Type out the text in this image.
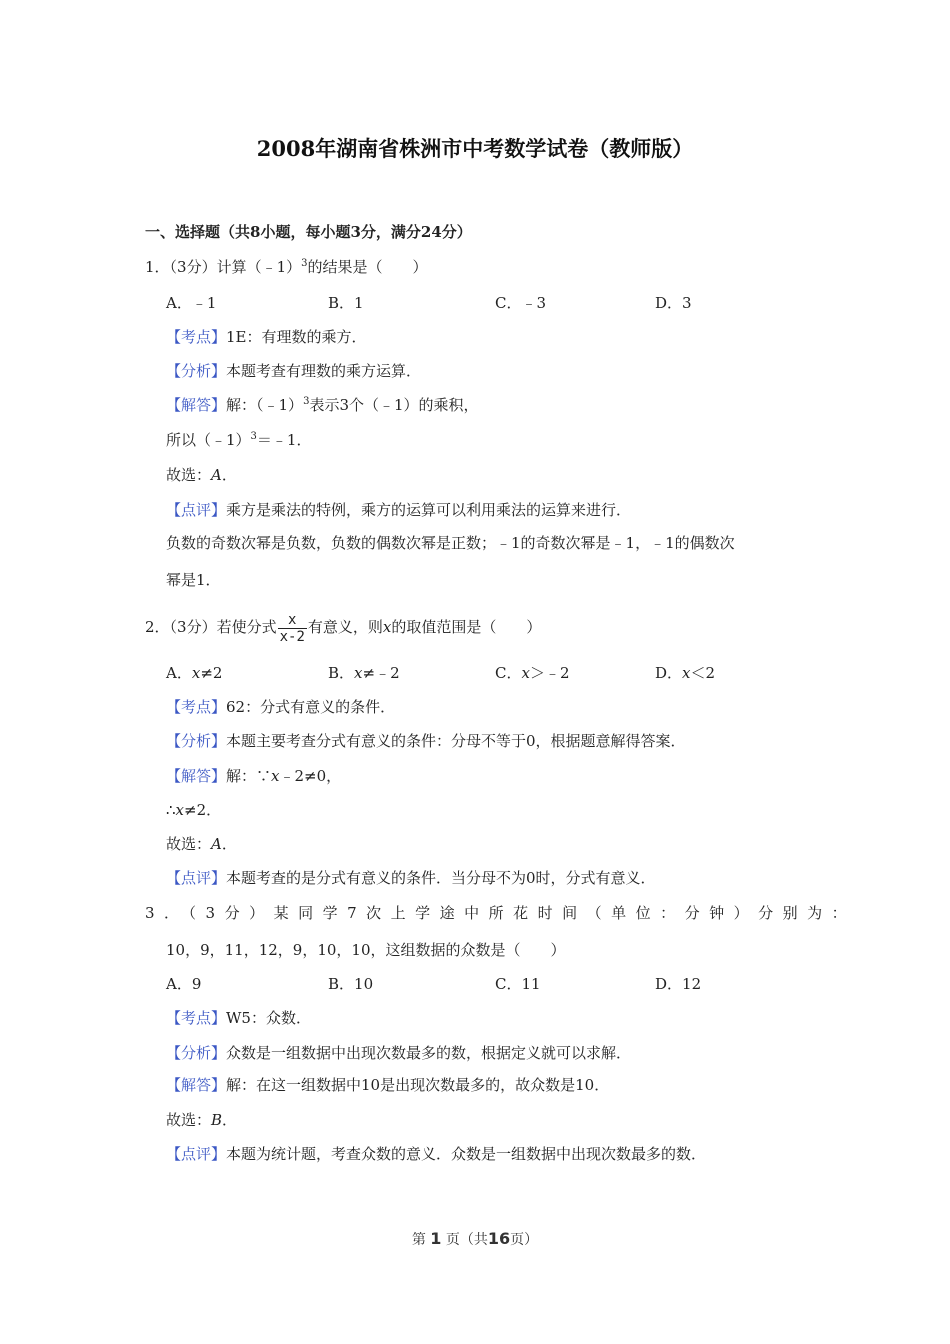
2008年湖南省株洲市中考数学试卷（教师版）
一、选择题（共8小题，每小题3分，满分24分）
1．（3分）计算（﹣1）$^3$的结果是（　　）
A．﹣1	B．1	C．﹣3	D．3
【考点】1E：有理数的乘方．
【分析】本题考查有理数的乘方运算．
【解答】解：（﹣1）$^3$表示3个（﹣1）的乘积，
所以（﹣1）$^3$＝﹣1．
故选：A．
【点评】乘方是乘法的特例，乘方的运算可以利用乘法的运算来进行．
负数的奇数次幂是负数，负数的偶数次幂是正数；﹣1的奇数次幂是﹣1，﹣1的偶数次
幂是1．
2．（3分）若使分式 $\frac{x}{x-2}$ 有意义，则x的取值范围是（　　）
A．x≠2	B．x≠﹣2	C．x＞﹣2	D．x＜2
【考点】62：分式有意义的条件．
【分析】本题主要考查分式有意义的条件：分母不等于0，根据题意解得答案．
【解答】解：∵x﹣2≠0，
∴x≠2．
故选：A．
【点评】本题考查的是分式有意义的条件．当分母不为0时，分式有意义．
3．（3分）某同学7次上学途中所花时间（单位：分钟）分别为：
10，9，11，12，9，10，10，这组数据的众数是（　　）
A．9	B．10	C．11	D．12
【考点】W5：众数．
【分析】众数是一组数据中出现次数最多的数，根据定义就可以求解．
【解答】解：在这一组数据中10是出现次数最多的，故众数是10．
故选：B．
【点评】本题为统计题，考查众数的意义．众数是一组数据中出现次数最多的数．
第 1 页（共16页）
